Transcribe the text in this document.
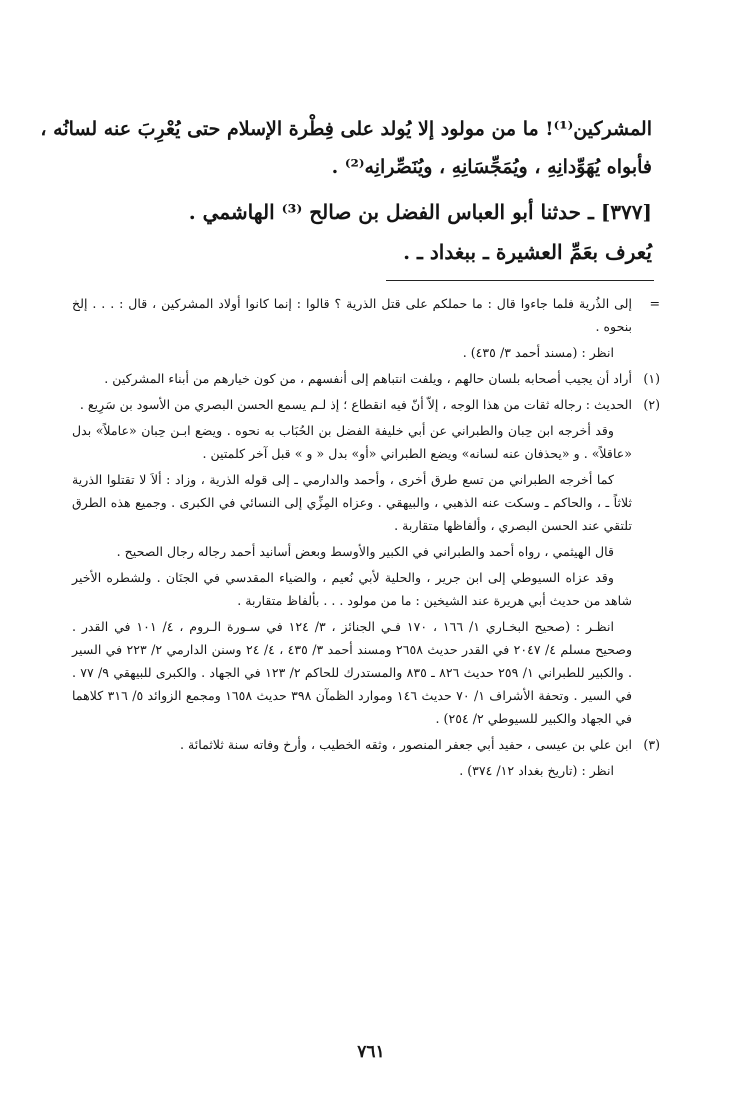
المشركين⁽¹⁾! ما من مولود إلا يُولد على فِطْرة الإسلام حتى يُعْرِبَ عنه لسانُه ،
فأبواه يُهَوِّدانِهِ ، ويُمَجِّسَانِهِ ، ويُنَصِّرانِه⁽²⁾ .
[٣٧٧] ـ حدثنا أبو العباس الفضل بن صالح ⁽³⁾ الهاشمي .
يُعرف بعَمِّ العشيرة ـ ببغداد ـ .
=

إلى الذُرية فلما جاءوا قال : ما حملكم على قتل الذرية ؟ قالوا : إنما كانوا أولاد المشركين ، قال : . . . إلخ بنحوه .

انظر : (مسند أحمد ٣/ ٤٣٥) .

(١)

أراد أن يجيب أصحابه بلسان حالهم ، ويلفت انتباهم إلى أنفسهم ، من كون خيارهم من أبناء المشركين .

(٢)

الحديث : رجاله ثقات من هذا الوجه ، إلاّ أنّ فيه انقطاع ؛ إذ لـم يسمع الحسن البصري من الأسود بن سَرِيع .

وقد أخرجه ابن حِبان والطبراني عن أبي خليفة الفضل بن الحُبَاب به نحوه . ويضع ابـن حِبان «عاملاً» بدل «عاقلاً» . و «يحذفان عنه لسانه» ويضع الطبراني «أو» بدل « و » قبل آخر كلمتين .

كما أخرجه الطبراني من تسع طرق أخرى ، وأحمد والدارمي ـ إلى قوله الذرية ، وزاد : ألاَ لا تقتلوا الذرية ثلاثاً ـ ، والحاكم ـ وسكت عنه الذهبي ، والبيهقي . وعزاه المِزِّي إلى النسائي في الكبرى . وجميع هذه الطرق تلتقي عند الحسن البصري ، وألفاظها متقاربة .

قال الهيثمي ، رواه أحمد والطبراني في الكبير والأوسط وبعض أسانيد أحمد رجاله رجال الصحيح .

وقد عزاه السيوطي إلى ابن جرير ، والحلية لأبي نُعيم ، والضياء المقدسي في الجنَان . ولشطره الأخير شاهد من حديث أبي هريرة عند الشيخين : ما من مولود . . . بألفاظ متقاربة .

انظـر : (صحيح البخـاري ١/ ١٦٦ ، ١٧٠ فـي الجنائز ، ٣/ ١٢٤ في سـورة الـروم ، ٤/ ١٠١ في القدر . وصحيح مسلم ٤/ ٢٠٤٧ في القدر حديث ٢٦٥٨ ومسند أحمد ٣/ ٤٣٥ ، ٤/ ٢٤ وسنن الدارمي ٢/ ٢٢٣ في السير . والكبير للطبراني ١/ ٢٥٩ حديث ٨٢٦ ـ ٨٣٥ والمستدرك للحاكم ٢/ ١٢٣ في الجهاد . والكبرى للبيهقي ٩/ ٧٧ . في السير . وتحفة الأشراف ١/ ٧٠ حديث ١٤٦ وموارد الظمآن ٣٩٨ حديث ١٦٥٨ ومجمع الزوائد ٥/ ٣١٦ كلاهما في الجهاد والكبير للسيوطي ٢/ ٢٥٤) .

(٣)

ابن علي بن عيسى ، حفيد أبي جعفر المنصور ، وثقه الخطيب ، وأرخ وفاته سنة ثلاثمائة .

انظر : (تاريخ بغداد ١٢/ ٣٧٤) .

٧٦١
